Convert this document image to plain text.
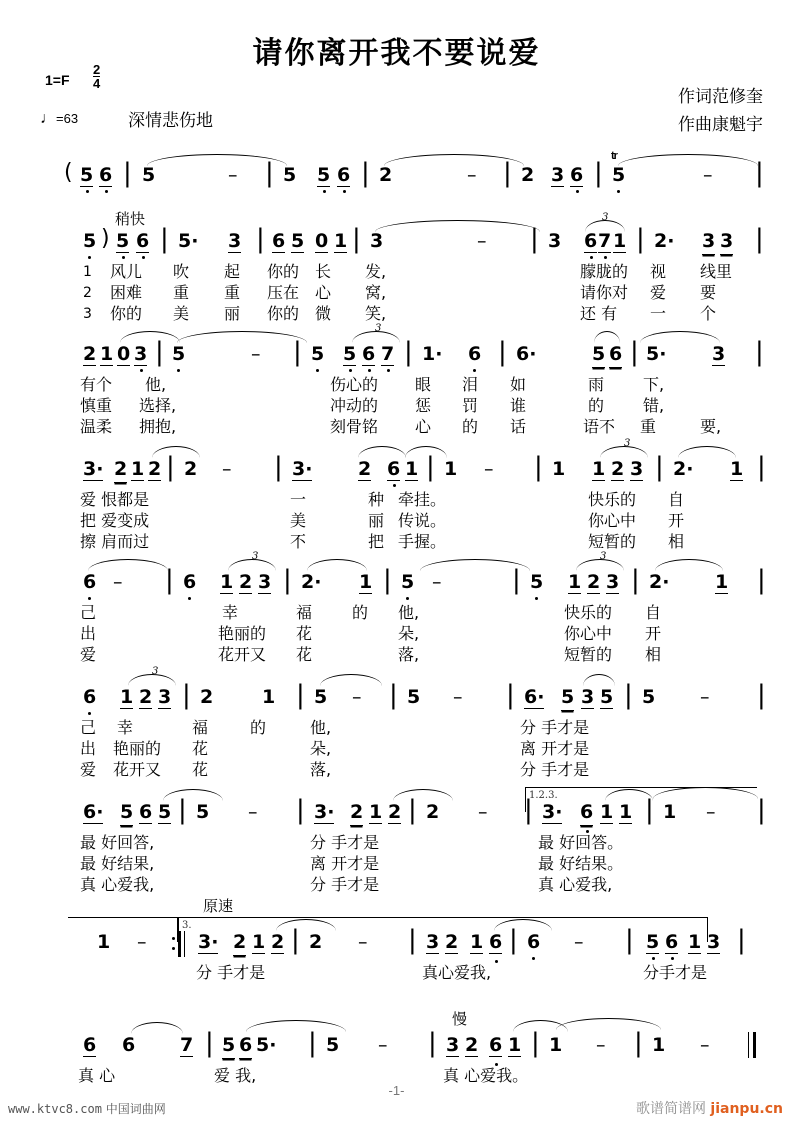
请你离开我不要说爱
$1=F \frac{2}{4}$
♩=63	深情悲伤地
作词范修奎
作曲康魁宇
( 5 6 | 5	– | 5 5 6 | 2	– | 2 3 6 |
tr
5	– |
稍快
5 ) 5 6 | 5· 3 | 6 5 0 1 | 3	– | 3
3
6 7 1 | 2· 3 3 |
1 风儿 吹 起 你的 长 发,	朦胧的 视 线里
2 困难 重 重 压在 心 窝,	请你对 爱 要
3 你的 美 丽 你的 微 笑,	还 有 一 个
2 1 0 3 | 5	– | 5
3
5 6 7 | 1· 6 | 6·	5 6 | 5· 3 |
有个 他,	伤心的 眼 泪 如	雨 下,
慎重 选择,	冲动的 惩 罚 谁	的 错,
温柔 拥抱,	刻骨铭 心 的 话	语不 重	要,
3· 2 1 2 | 2 – | 3· 2 6 1 | 1 – | 1
3
1 2 3 | 2· 1 |
爱 恨都是	一	种 牵挂。	快乐的 自
把 爱变成	美	丽 传说。	你心中 开
擦 肩而过	不	把 手握。	短暂的 相
6 – | 6
3
1 2 3 | 2· 1 | 5 –	| 5
3
1 2 3 | 2· 1 |
己	幸	福 的 他,	快乐的 自
出	艳丽的 花	朵,	你心中 开
爱	花开又 花	落,	短暂的 相
6
3
1 2 3 | 2	1 | 5 – | 5 – | 6· 5 3 5 | 5 – |
己 幸	福	的	他,	分 手才是
出 艳丽的 花	朵,	离 开才是
爱 花开又 花	落,	分 手才是
1.2.3.
6· 5 6 5 | 5 – | 3· 2 1 2 | 2 – | 3· 6 1 1 | 1 – |
最 好回答,	分 手才是	最 好回答。
最 好结果,	离 开才是	最 好结果。
真 心爱我,	分 手才是	真 心爱我,
3.
原速
1 –	3· 2 1 2 | 2 – | 3 2 1 6 | 6 – | 5 6 1 3 |
分 手才是	真心爱我,	分手才是
慢
6 6 7 | 5 6 5· | 5 – | 3 2 6 1 | 1 – | 1 –
真 心	爱 我,	真 心爱我。
-1-
www.ktvc8.com 中国词曲网	歌谱简谱网 jianpu.cn
